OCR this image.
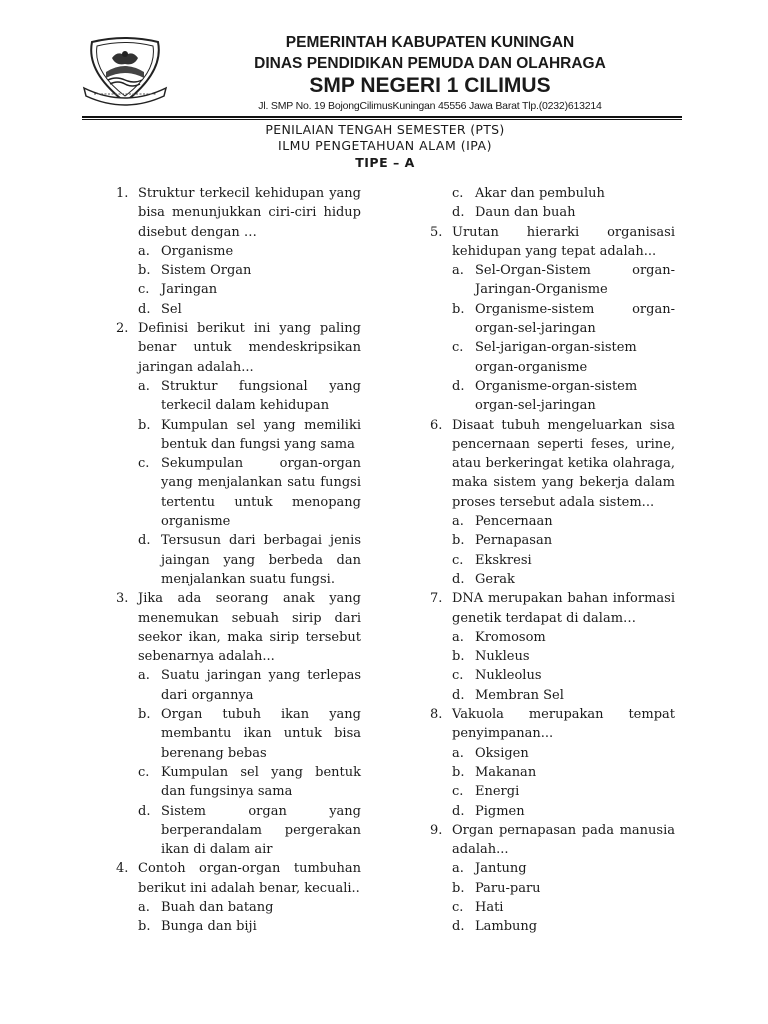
PEMERINTAH KABUPATEN KUNINGAN
DINAS PENDIDIKAN PEMUDA DAN OLAHRAGA
SMP NEGERI 1 CILIMUS
Jl. SMP No. 19 BojongCilimusKuningan 45556 Jawa Barat Tlp.(0232)613214
PENILAIAN TENGAH SEMESTER (PTS)
ILMU PENGETAHUAN ALAM (IPA)
TIPE – A
1. Struktur terkecil kehidupan yang bisa menunjukkan ciri-ciri hidup disebut dengan …
a. Organisme
b. Sistem Organ
c. Jaringan
d. Sel
2. Definisi berikut ini yang paling benar untuk mendeskripsikan jaringan adalah...
a. Struktur fungsional yang terkecil dalam kehidupan
b. Kumpulan sel yang memiliki bentuk dan fungsi yang sama
c. Sekumpulan organ-organ yang menjalankan satu fungsi tertentu untuk menopang organisme
d. Tersusun dari berbagai jenis jaingan yang berbeda dan menjalankan suatu fungsi.
3. Jika ada seorang anak yang menemukan sebuah sirip dari seekor ikan, maka sirip tersebut sebenarnya adalah...
a. Suatu jaringan yang terlepas dari organnya
b. Organ tubuh ikan yang membantu ikan untuk bisa berenang bebas
c. Kumpulan sel yang bentuk dan fungsinya sama
d. Sistem organ yang berperandalam pergerakan ikan di dalam air
4. Contoh organ-organ tumbuhan berikut ini adalah benar, kecuali..
a. Buah dan batang
b. Bunga dan biji
c. Akar dan pembuluh
d. Daun dan buah
5. Urutan hierarki organisasi kehidupan yang tepat adalah...
a. Sel-Organ-Sistem organ-Jaringan-Organisme
b. Organisme-sistem organ-organ-sel-jaringan
c. Sel-jarigan-organ-sistem organ-organisme
d. Organisme-organ-sistem organ-sel-jaringan
6. Disaat tubuh mengeluarkan sisa pencernaan seperti feses, urine, atau berkeringat ketika olahraga, maka sistem yang bekerja dalam proses tersebut adala sistem...
a. Pencernaan
b. Pernapasan
c. Ekskresi
d. Gerak
7. DNA merupakan bahan informasi genetik terdapat di dalam…
a. Kromosom
b. Nukleus
c. Nukleolus
d. Membran Sel
8. Vakuola merupakan tempat penyimpanan...
a. Oksigen
b. Makanan
c. Energi
d. Pigmen
9. Organ pernapasan pada manusia adalah...
a. Jantung
b. Paru-paru
c. Hati
d. Lambung
